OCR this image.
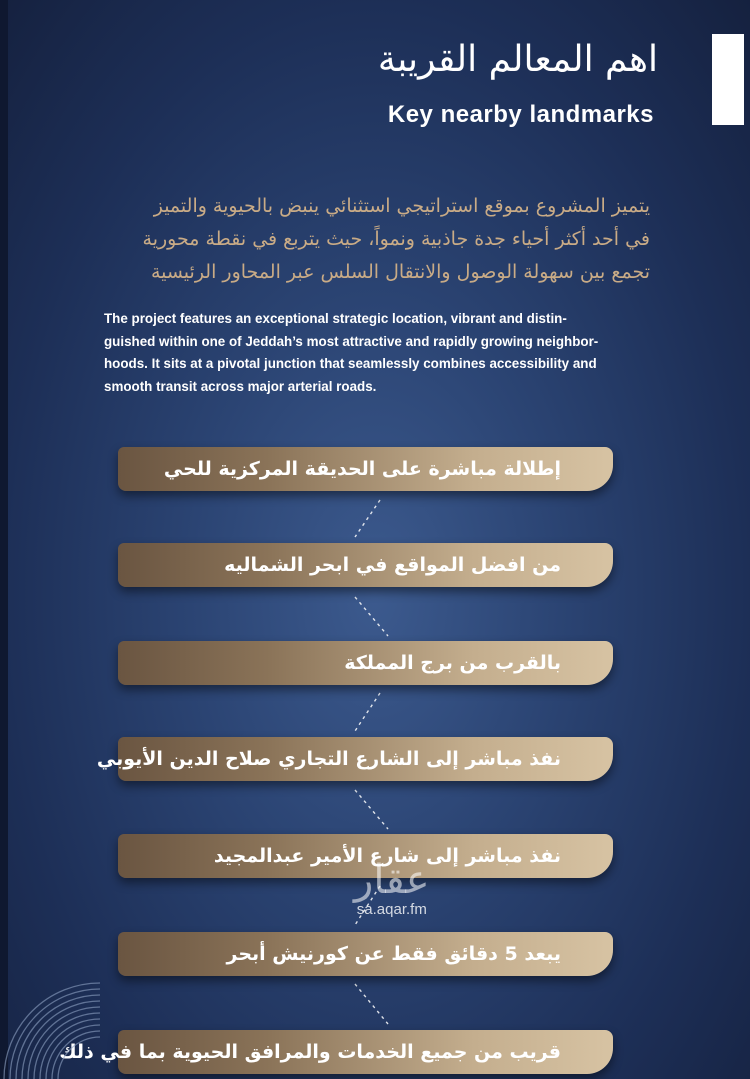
اهم المعالم القريبة
Key nearby landmarks
يتميز المشروع بموقع استراتيجي استثنائي ينبض بالحيوية والتميز
في أحد أكثر أحياء جدة جاذبية ونمواً، حيث يتربع في نقطة محورية
تجمع بين سهولة الوصول والانتقال السلس عبر المحاور الرئيسية
The project features an exceptional strategic location, vibrant and distin-
guished within one of Jeddah’s most attractive and rapidly growing neighbor-
hoods. It sits at a pivotal junction that seamlessly combines accessibility and
smooth transit across major arterial roads.
إطلالة مباشرة على الحديقة المركزية للحي
من افضل المواقع في ابحر الشماليه
بالقرب من برج المملكة
نفذ مباشر إلى الشارع التجاري صلاح الدين الأيوبي
نفذ مباشر إلى شارع الأمير عبدالمجيد
يبعد 5 دقائق فقط عن كورنيش أبحر
قريب من جميع الخدمات والمرافق الحيوية بما في ذلك
عقار
sa.aqar.fm
